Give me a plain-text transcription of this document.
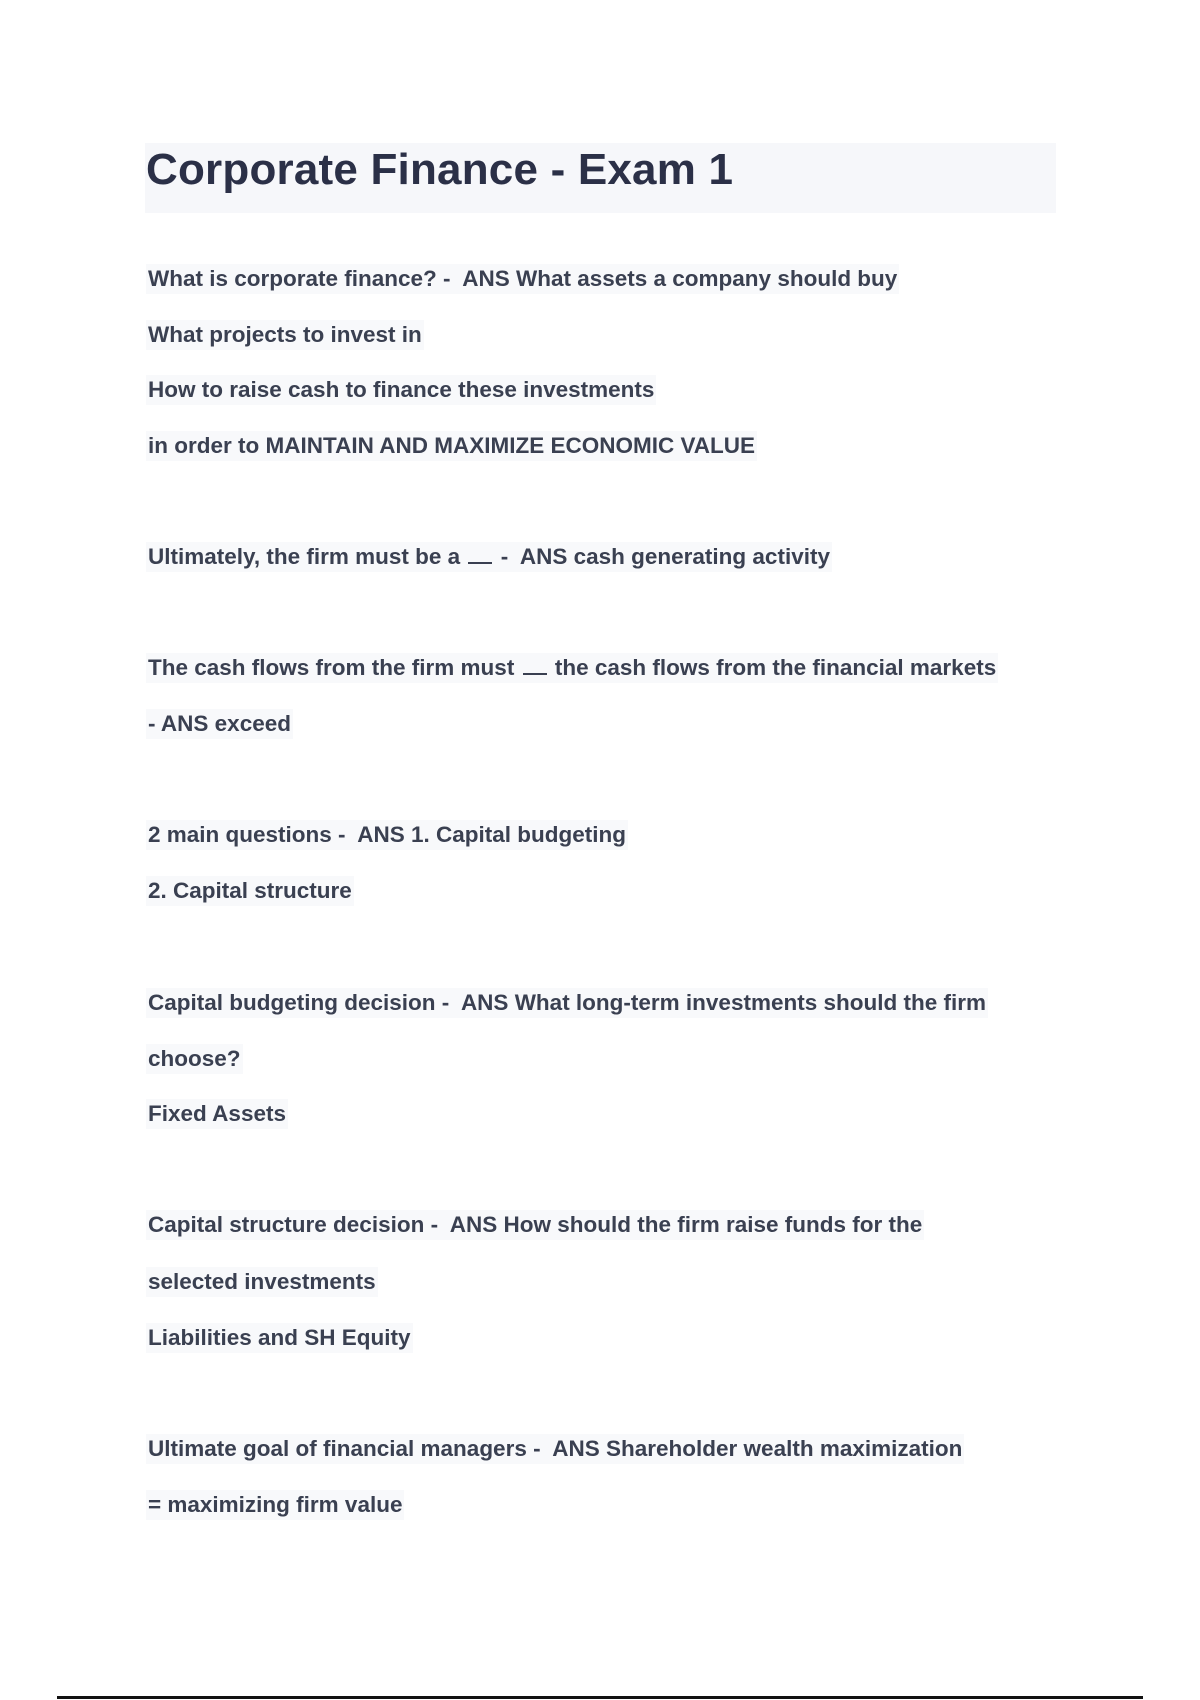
Corporate Finance - Exam 1

What is corporate finance? - ANS What assets a company should buy

What projects to invest in

How to raise cash to finance these investments

in order to MAINTAIN AND MAXIMIZE ECONOMIC VALUE

Ultimately, the firm must be a - ANS cash generating activity

The cash flows from the firm must the cash flows from the financial markets

- ANS exceed

2 main questions - ANS 1. Capital budgeting

2. Capital structure

Capital budgeting decision - ANS What long-term investments should the firm

choose?

Fixed Assets

Capital structure decision - ANS How should the firm raise funds for the

selected investments

Liabilities and SH Equity

Ultimate goal of financial managers - ANS Shareholder wealth maximization

= maximizing firm value
